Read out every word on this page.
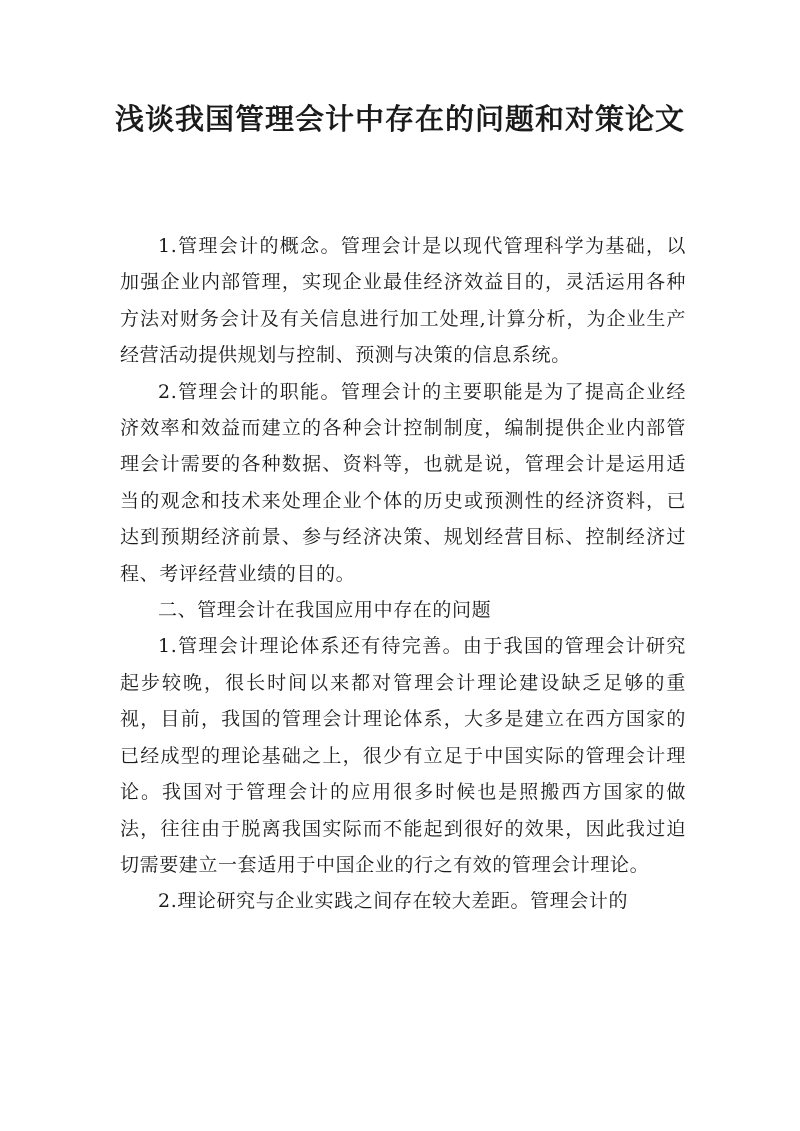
浅谈我国管理会计中存在的问题和对策论文

1.管理会计的概念。管理会计是以现代管理科学为基础，以加强企业内部管理，实现企业最佳经济效益目的，灵活运用各种方法对财务会计及有关信息进行加工处理,计算分析，为企业生产经营活动提供规划与控制、预测与决策的信息系统。

2.管理会计的职能。管理会计的主要职能是为了提高企业经济效率和效益而建立的各种会计控制制度，编制提供企业内部管理会计需要的各种数据、资料等，也就是说，管理会计是运用适当的观念和技术来处理企业个体的历史或预测性的经济资料，已达到预期经济前景、参与经济决策、规划经营目标、控制经济过程、考评经营业绩的目的。

二、管理会计在我国应用中存在的问题

1.管理会计理论体系还有待完善。由于我国的管理会计研究起步较晚，很长时间以来都对管理会计理论建设缺乏足够的重视，目前，我国的管理会计理论体系，大多是建立在西方国家的已经成型的理论基础之上，很少有立足于中国实际的管理会计理论。我国对于管理会计的应用很多时候也是照搬西方国家的做法，往往由于脱离我国实际而不能起到很好的效果，因此我过迫切需要建立一套适用于中国企业的行之有效的管理会计理论。

2.理论研究与企业实践之间存在较大差距。管理会计的
